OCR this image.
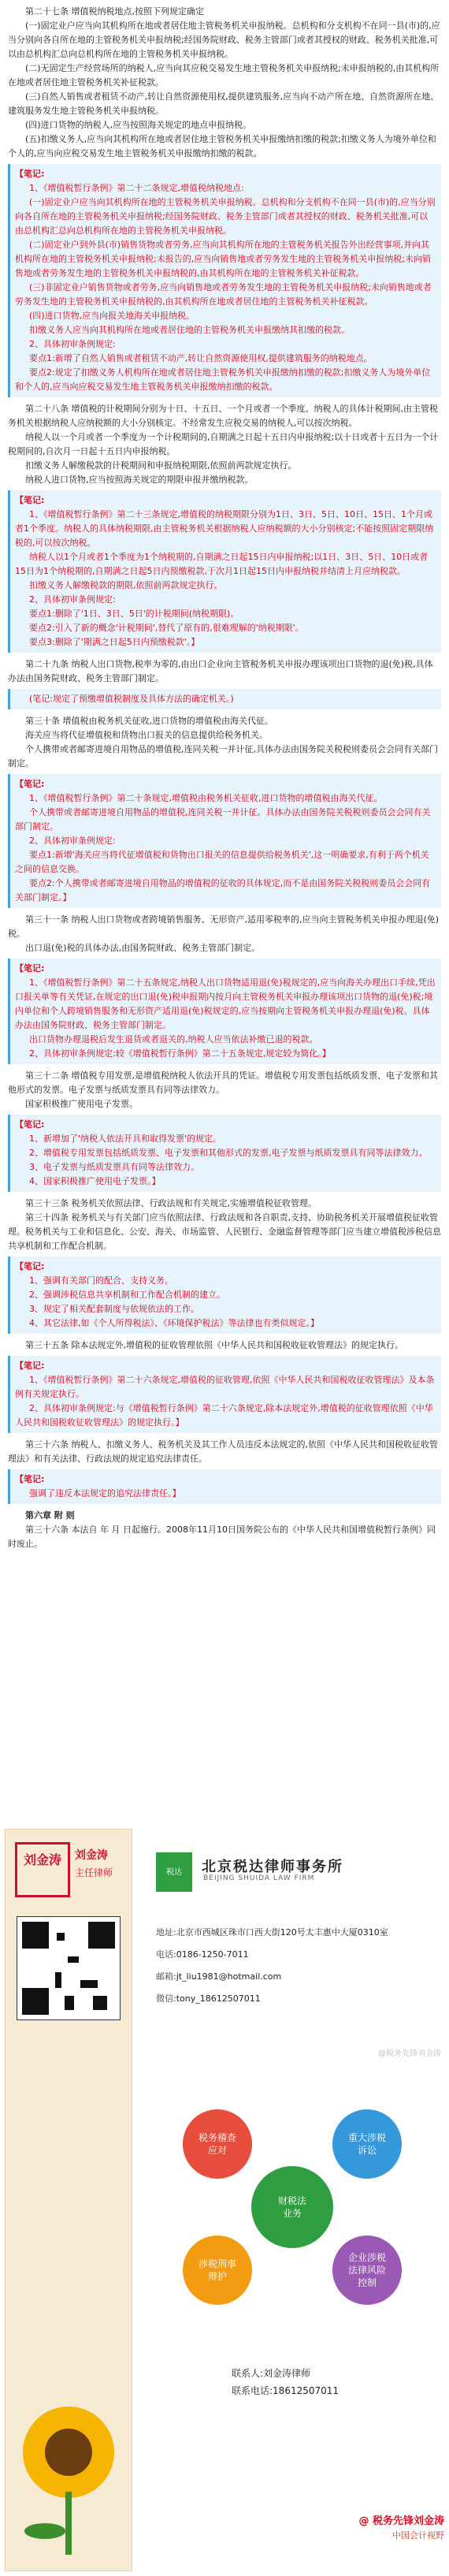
第二十七条 增值税纳税地点,按照下列规定确定

(一)固定业户应当向其机构所在地或者居住地主管税务机关申报纳税。总机构和分支机构不在同一县(市)的,应当分别向各自所在地的主管税务机关申报纳税;经国务院财政、税务主管部门或者其授权的财政、税务机关批准,可以由总机构汇总向总机构所在地的主管税务机关申报纳税。

(二)无固定生产经营场所的纳税人,应当向其应税交易发生地主管税务机关申报纳税;未申报纳税的,由其机构所在地或者居住地主管税务机关补征税款。

(三)自然人销售或者租赁不动产,转让自然资源使用权,提供建筑服务,应当向不动产所在地、自然资源所在地、建筑服务发生地主管税务机关申报纳税。

(四)进口货物的纳税人,应当按照海关规定的地点申报纳税。

(五)扣缴义务人,应当向其机构所在地或者居住地主管税务机关申报缴纳扣缴的税款;扣缴义务人为境外单位和个人的,应当向应税交易发生地主管税务机关申报缴纳扣缴的税款。

【笔记:

1、《增值税暂行条例》第二十二条规定,增值税纳税地点:

(一)固定业户应当向其机构所在地的主管税务机关申报纳税。总机构和分支机构不在同一县(市)的,应当分别向各自所在地的主管税务机关申报纳税;经国务院财政、税务主管部门或者其授权的财政、税务机关批准,可以由总机构汇总向总机构所在地的主管税务机关申报纳税。

(二)固定业户到外县(市)销售货物或者劳务,应当向其机构所在地的主管税务机关报告外出经营事项,并向其机构所在地的主管税务机关申报纳税;未报告的,应当向销售地或者劳务发生地的主管税务机关申报纳税;未向销售地或者劳务发生地的主管税务机关申报纳税的,由其机构所在地的主管税务机关补征税款。

(三)非固定业户销售货物或者劳务,应当向销售地或者劳务发生地的主管税务机关申报纳税;未向销售地或者劳务发生地的主管税务机关申报纳税的,由其机构所在地或者居住地的主管税务机关补征税款。

(四)进口货物,应当向报关地海关申报纳税。

扣缴义务人应当向其机构所在地或者居住地的主管税务机关申报缴纳其扣缴的税款。

2、具体初审条例规定:

要点1:新增了自然人销售或者租赁不动产,转让自然资源使用权,提供建筑服务的纳税地点。

要点2:规定了扣缴义务人机构所在地或者居住地主管税务机关申报缴纳扣缴的税款;扣缴义务人为境外单位和个人的,应当向应税交易发生地主管税务机关申报缴纳扣缴的税款。

第二十八条 增值税的计税期间分别为十日、十五日、一个月或者一个季度。纳税人的具体计税期间,由主管税务机关根据纳税人应纳税额的大小分别核定。不经常发生应税交易的纳税人,可以按次纳税。

纳税人以一个月或者一个季度为一个计税期间的,自期满之日起十五日内申报纳税;以十日或者十五日为一个计税期间的,自次月一日起十五日内申报纳税。

扣缴义务人解缴税款的计税期间和申报纳税期限,依照前两款规定执行。

纳税人进口货物,应当按照海关规定的期限申报并缴纳税款。

【笔记:

1、《增值税暂行条例》第二十三条规定,增值税的纳税期限分别为1日、3日、5日、10日、15日、1个月或者1个季度。纳税人的具体纳税期限,由主管税务机关根据纳税人应纳税额的大小分别核定;不能按照固定期限纳税的,可以按次纳税。

纳税人以1个月或者1个季度为1个纳税期的,自期满之日起15日内申报纳税;以1日、3日、5日、10日或者15日为1个纳税期的,自期满之日起5日内预缴税款,于次月1日起15日内申报纳税并结清上月应纳税款。

扣缴义务人解缴税款的期限,依照前两款规定执行。

2、具体初审条例规定:

要点1:删除了'1日、3日、5日'的计税期间(纳税期限)。

要点2:引入了新的概念'计税期间',替代了原有的,很难理解的'纳税期限'。

要点3:删除了'期满之日起5日内预缴税款'。】

第二十九条 纳税人出口货物,税率为零的,由出口企业向主管税务机关申报办理该项出口货物的退(免)税,具体办法由国务院财政、税务主管部门制定。

(笔记:规定了预缴增值税制度及具体方法的确定机关。)

第三十条 增值税由税务机关征收,进口货物的增值税由海关代征。

海关应当将代征增值税和货物出口报关的信息提供给税务机关。

个人携带或者邮寄进境自用物品的增值税,连同关税一并计征,具体办法由国务院关税税则委员会会同有关部门制定。

【笔记:

1、《增值税暂行条例》第二十条规定,增值税由税务机关征收,进口货物的增值税由海关代征。

个人携带或者邮寄进境自用物品的增值税,连同关税一并计征。具体办法由国务院关税税则委员会会同有关部门制定。

2、具体初审条例规定:

要点1:新增'海关应当将代征增值税和货物出口报关的信息提供给税务机关',这一明确要求,有利于两个机关之间的信息交换。

要点2:个人携带或者邮寄进境自用物品的增值税的征收的具体规定,而不是由国务院关税税则委员会会同有关部门制定。】

第三十一条 纳税人出口货物或者跨境销售服务、无形资产,适用零税率的,应当向主管税务机关申报办理退(免)税。

出口退(免)税的具体办法,由国务院财政、税务主管部门制定。

【笔记:

1、《增值税暂行条例》第二十五条规定,纳税人出口货物适用退(免)税规定的,应当向海关办理出口手续,凭出口报关单等有关凭证,在规定的出口退(免)税申报期内按月向主管税务机关申报办理该项出口货物的退(免)税;境内单位和个人跨境销售服务和无形资产适用退(免)税规定的,应当按期向主管税务机关申报办理退(免)税。具体办法由国务院财政、税务主管部门制定。

出口货物办理退税后发生退货或者退关的,纳税人应当依法补缴已退的税款。

2、具体初审条例规定:较《增值税暂行条例》第二十五条规定,规定较为简化。】

第三十二条 增值税专用发票,是增值税纳税人依法开具的凭证。增值税专用发票包括纸质发票、电子发票和其他形式的发票。电子发票与纸质发票具有同等法律效力。

国家积极推广使用电子发票。

【笔记:

1、新增加了'纳税人依法开具和取得发票'的规定。

2、增值税专用发票包括纸质发票、电子发票和其他形式的发票,电子发票与纸质发票具有同等法律效力。

3、电子发票与纸质发票具有同等法律效力。

4、国家积极推广使用电子发票。】

第三十三条 税务机关依照法律、行政法规和有关规定,实施增值税征收管理。

第三十四条 税务机关与有关部门应当依照法律、行政法规和各自职责,支持、协助税务机关开展增值税征收管理。税务机关与工业和信息化、公安、海关、市场监管、人民银行、金融监督管理等部门应当建立增值税涉税信息共享机制和工作配合机制。

【笔记:

1、强调有关部门的配合、支持义务。

2、强调涉税信息共享机制和工作配合机制的建立。

3、规定了相关配套制度与依规依法的工作。

4、其它法律,如《个人所得税法》、《环境保护税法》等法律也有类似规定。】

第三十五条 除本法规定外,增值税的征收管理依照《中华人民共和国税收征收管理法》的规定执行。

【笔记:

1、《增值税暂行条例》第二十六条规定,增值税的征收管理,依照《中华人民共和国税收征收管理法》及本条例有关规定执行。

2、具体初审条例规定:与《增值税暂行条例》第二十六条规定,除本法规定外,增值税的征收管理依照《中华人民共和国税收征收管理法》的规定执行。】

第三十六条 纳税人、扣缴义务人、税务机关及其工作人员违反本法规定的,依照《中华人民共和国税收征收管理法》和有关法律、行政法规的规定追究法律责任。

【笔记:

强调了违反本法规定的追究法律责任。】

第六章 附 则

第三十六条 本法自 年 月 日起施行。2008年11月10日国务院公布的《中华人民共和国增值税暂行条例》同时废止。

刘金涛	刘金涛
主任律师	税达	北京税达律师事务所
BEIJING SHUIDA LAW FIRM
地址:北京市西城区珠市口西大街120号太丰惠中大厦0310室
电话:0186-1250-7011
邮箱:jt_liu1981@hotmail.com
微信:tony_18612507011
@税务先锋刘金涛
财税法业务
税务稽查应对
重大涉税诉讼
涉税刑事辩护
企业涉税法律风险控制
联系人:刘金涛律师
联系电话:18612507011
@ 税务先锋刘金涛
中国会计视野
